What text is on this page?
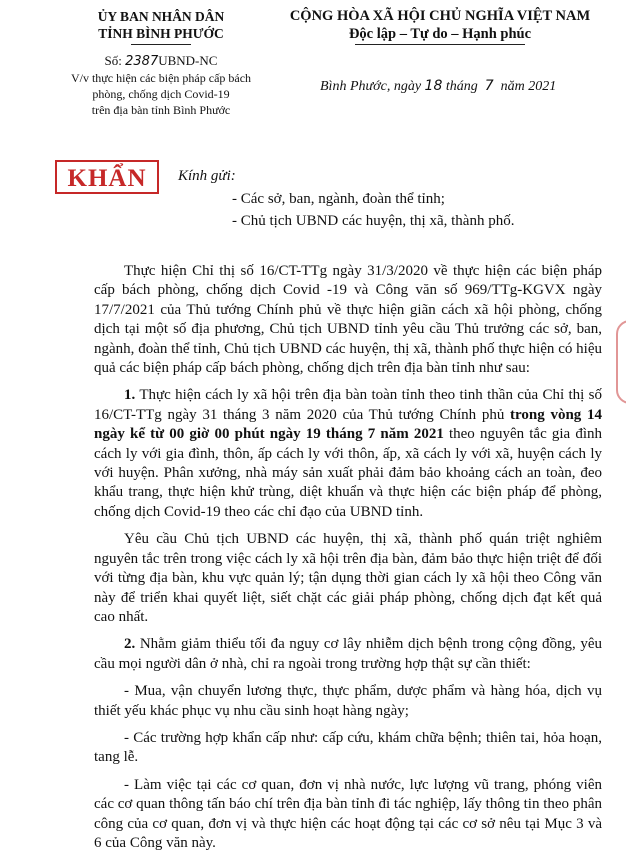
ỦY BAN NHÂN DÂN
TỈNH BÌNH PHƯỚC
Số: 2387UBND-NC
V/v thực hiện các biện pháp cấp bách
phòng, chống dịch Covid-19
trên địa bàn tỉnh Bình Phước
CỘNG HÒA XÃ HỘI CHỦ NGHĨA VIỆT NAM
Độc lập – Tự do – Hạnh phúc
Bình Phước, ngày 18 tháng 7 năm 2021
KHẨN	Kính gửi:
- Các sở, ban, ngành, đoàn thể tỉnh;
- Chủ tịch UBND các huyện, thị xã, thành phố.

Thực hiện Chỉ thị số 16/CT-TTg ngày 31/3/2020 về thực hiện các biện pháp cấp bách phòng, chống dịch Covid -19 và Công văn số 969/TTg-KGVX ngày 17/7/2021 của Thủ tướng Chính phủ về thực hiện giãn cách xã hội phòng, chống dịch tại một số địa phương, Chủ tịch UBND tỉnh yêu cầu Thủ trưởng các sở, ban, ngành, đoàn thể tỉnh, Chủ tịch UBND các huyện, thị xã, thành phố thực hiện có hiệu quả các biện pháp cấp bách phòng, chống dịch trên địa bàn tỉnh như sau:

1. Thực hiện cách ly xã hội trên địa bàn toàn tỉnh theo tinh thần của Chỉ thị số 16/CT-TTg ngày 31 tháng 3 năm 2020 của Thủ tướng Chính phủ trong vòng 14 ngày kể từ 00 giờ 00 phút ngày 19 tháng 7 năm 2021 theo nguyên tắc gia đình cách ly với gia đình, thôn, ấp cách ly với thôn, ấp, xã cách ly với xã, huyện cách ly với huyện. Phân xưởng, nhà máy sản xuất phải đảm bảo khoảng cách an toàn, đeo khẩu trang, thực hiện khử trùng, diệt khuẩn và thực hiện các biện pháp để phòng, chống dịch Covid-19 theo các chỉ đạo của UBND tỉnh.

Yêu cầu Chủ tịch UBND các huyện, thị xã, thành phố quán triệt nghiêm nguyên tắc trên trong việc cách ly xã hội trên địa bàn, đảm bảo thực hiện triệt để đối với từng địa bàn, khu vực quản lý; tận dụng thời gian cách ly xã hội theo Công văn này để triển khai quyết liệt, siết chặt các giải pháp phòng, chống dịch đạt kết quả cao nhất.

2. Nhằm giảm thiểu tối đa nguy cơ lây nhiễm dịch bệnh trong cộng đồng, yêu cầu mọi người dân ở nhà, chỉ ra ngoài trong trường hợp thật sự cần thiết:

- Mua, vận chuyển lương thực, thực phẩm, dược phẩm và hàng hóa, dịch vụ thiết yếu khác phục vụ nhu cầu sinh hoạt hàng ngày;

- Các trường hợp khẩn cấp như: cấp cứu, khám chữa bệnh; thiên tai, hỏa hoạn, tang lễ.

- Làm việc tại các cơ quan, đơn vị nhà nước, lực lượng vũ trang, phóng viên các cơ quan thông tấn báo chí trên địa bàn tỉnh đi tác nghiệp, lấy thông tin theo phân công của cơ quan, đơn vị và thực hiện các hoạt động tại các cơ sở nêu tại Mục 3 và 6 của Công văn này.
